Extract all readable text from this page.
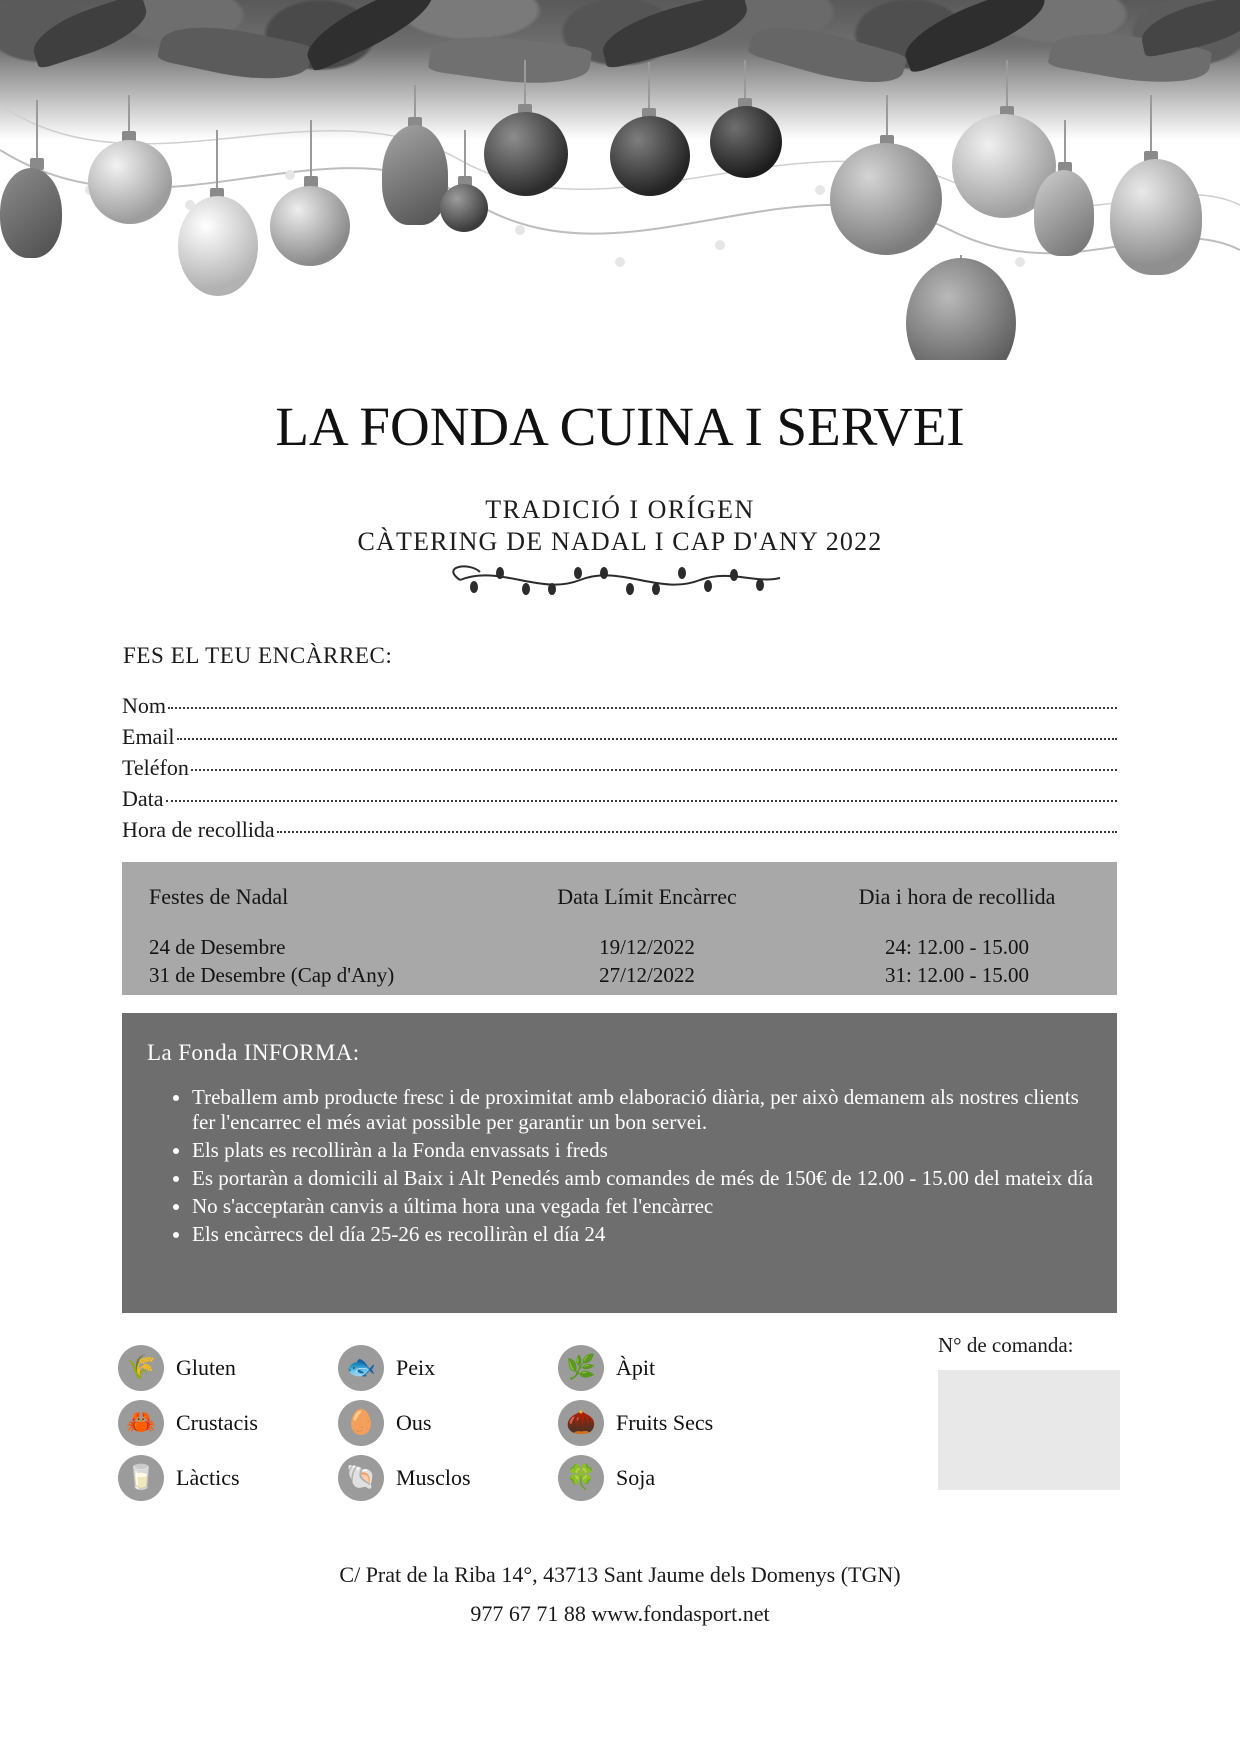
LA FONDA CUINA I SERVEI
TRADICIÓ I ORÍGEN
CÀTERING DE NADAL I CAP D'ANY 2022
FES EL TEU ENCÀRREC:
Nom
Email
Teléfon
Data
Hora de recollida
Festes de Nadal	Data Límit Encàrrec	Dia i hora de recollida
24 de Desembre	19/12/2022	24: 12.00 - 15.00
31 de Desembre (Cap d'Any)	27/12/2022	31: 12.00 - 15.00
La Fonda INFORMA:
• Treballem amb producte fresc i de proximitat amb elaboració diària, per això demanem als nostres clients fer l'encarrec el més aviat possible per garantir un bon servei.
• Els plats es recolliràn a la Fonda envassats i freds
• Es portaràn a domicili al Baix i Alt Penedés amb comandes de més de 150€ de 12.00 - 15.00 del mateix día
• No s'acceptaràn canvis a última hora una vegada fet l'encàrrec
• Els encàrrecs del día 25-26 es recolliràn el día 24
🌾 Gluten	🐟 Peix	🌿 Àpit
🦀 Crustacis	🥚 Ous	🌰 Fruits Secs
🥛 Làctics	🐚 Musclos	🍀 Soja
N° de comanda:
C/ Prat de la Riba 14°, 43713 Sant Jaume dels Domenys (TGN)
977 67 71 88 www.fondasport.net
